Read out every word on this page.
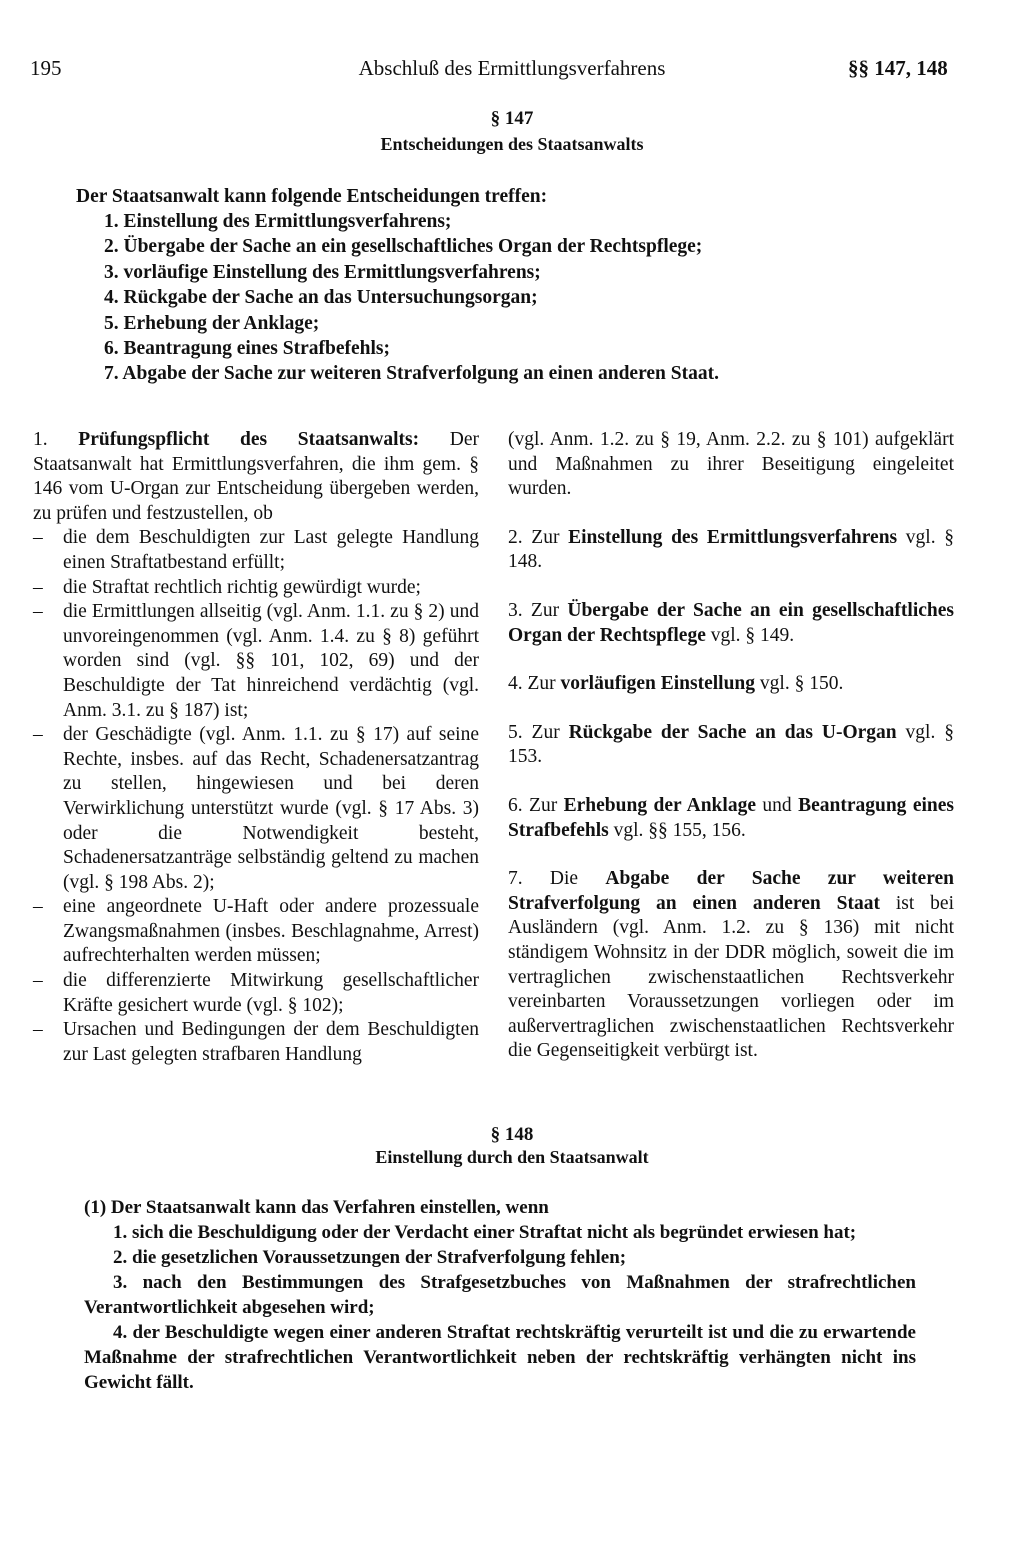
195	Abschluß des Ermittlungsverfahrens	§§ 147, 148
§ 147
Entscheidungen des Staatsanwalts
Der Staatsanwalt kann folgende Entscheidungen treffen:
1. Einstellung des Ermittlungsverfahrens;
2. Übergabe der Sache an ein gesellschaftliches Organ der Rechtspflege;
3. vorläufige Einstellung des Ermittlungsverfahrens;
4. Rückgabe der Sache an das Untersuchungsorgan;
5. Erhebung der Anklage;
6. Beantragung eines Strafbefehls;
7. Abgabe der Sache zur weiteren Strafverfolgung an einen anderen Staat.

1. Prüfungspflicht des Staatsanwalts: Der Staatsanwalt hat Ermittlungsverfahren, die ihm gem. § 146 vom U-Organ zur Entscheidung übergeben werden, zu prüfen und festzustellen, ob

– die dem Beschuldigten zur Last gelegte Handlung einen Straftatbestand erfüllt;
– die Straftat rechtlich richtig gewürdigt wurde;
– die Ermittlungen allseitig (vgl. Anm. 1.1. zu § 2) und unvoreingenommen (vgl. Anm. 1.4. zu § 8) geführt worden sind (vgl. §§ 101, 102, 69) und der Beschuldigte der Tat hinreichend verdächtig (vgl. Anm. 3.1. zu § 187) ist;
– der Geschädigte (vgl. Anm. 1.1. zu § 17) auf seine Rechte, insbes. auf das Recht, Schadenersatzantrag zu stellen, hingewiesen und bei deren Verwirklichung unterstützt wurde (vgl. § 17 Abs. 3) oder die Notwendigkeit besteht, Schadenersatzanträge selbständig geltend zu machen (vgl. § 198 Abs. 2);
– eine angeordnete U-Haft oder andere prozessuale Zwangsmaßnahmen (insbes. Beschlagnahme, Arrest) aufrechterhalten werden müssen;
– die differenzierte Mitwirkung gesellschaftlicher Kräfte gesichert wurde (vgl. § 102);
– Ursachen und Bedingungen der dem Beschuldigten zur Last gelegten strafbaren Handlung

(vgl. Anm. 1.2. zu § 19, Anm. 2.2. zu § 101) aufgeklärt und Maßnahmen zu ihrer Beseitigung eingeleitet wurden.

2. Zur Einstellung des Ermittlungsverfahrens vgl. § 148.

3. Zur Übergabe der Sache an ein gesellschaftliches Organ der Rechtspflege vgl. § 149.

4. Zur vorläufigen Einstellung vgl. § 150.

5. Zur Rückgabe der Sache an das U-Organ vgl. § 153.

6. Zur Erhebung der Anklage und Beantragung eines Strafbefehls vgl. §§ 155, 156.

7. Die Abgabe der Sache zur weiteren Strafverfolgung an einen anderen Staat ist bei Ausländern (vgl. Anm. 1.2. zu § 136) mit nicht ständigem Wohnsitz in der DDR möglich, soweit die im vertraglichen zwischenstaatlichen Rechtsverkehr vereinbarten Voraussetzungen vorliegen oder im außervertraglichen zwischenstaatlichen Rechtsverkehr die Gegenseitigkeit verbürgt ist.

§ 148
Einstellung durch den Staatsanwalt

(1) Der Staatsanwalt kann das Verfahren einstellen, wenn

1. sich die Beschuldigung oder der Verdacht einer Straftat nicht als begründet erwiesen hat;

2. die gesetzlichen Voraussetzungen der Strafverfolgung fehlen;

3. nach den Bestimmungen des Strafgesetzbuches von Maßnahmen der strafrechtlichen Verantwortlichkeit abgesehen wird;

4. der Beschuldigte wegen einer anderen Straftat rechtskräftig verurteilt ist und die zu erwartende Maßnahme der strafrechtlichen Verantwortlichkeit neben der rechtskräftig verhängten nicht ins Gewicht fällt.
